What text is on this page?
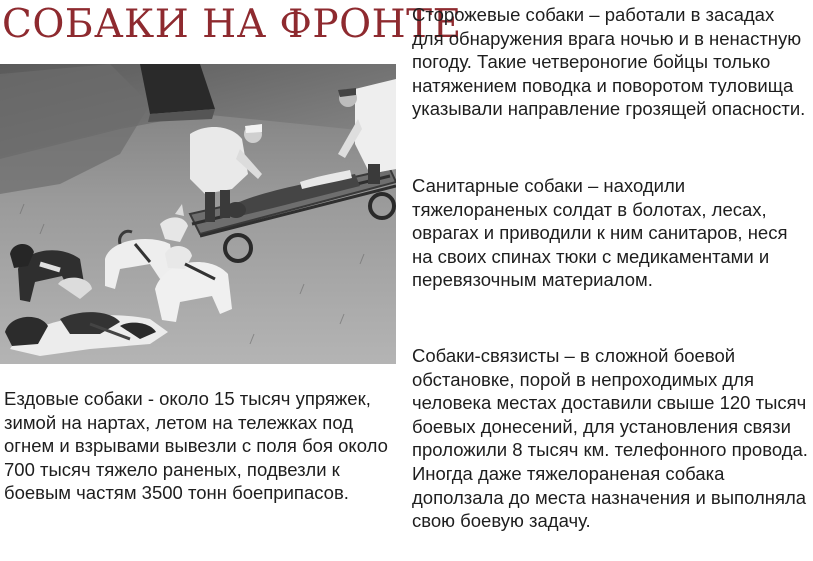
СОБАКИ НА ФРОНТЕ

Ездовые собаки - около 15 тысяч упряжек, зимой на нартах, летом на тележках под огнем и взрывами вывезли с поля боя около 700 тысяч тяжело раненых, подвезли к боевым частям 3500 тонн боеприпасов.

Сторожевые собаки – работали в засадах для обнаружения врага ночью и в ненастную погоду. Такие четвероногие бойцы только натяжением поводка и поворотом туловища указывали направление грозящей опасности.

Санитарные собаки – находили тяжелораненых солдат в болотах, лесах, оврагах и приводили к ним санитаров, неся на своих спинах тюки с медикаментами и перевязочным материалом.

Собаки-связисты – в сложной боевой обстановке, порой в непроходимых для человека местах доставили свыше 120 тысяч боевых донесений, для установления связи проложили 8 тысяч км. телефонного провода. Иногда даже тяжелораненая собака доползала до места назначения и выполняла свою боевую задачу.
